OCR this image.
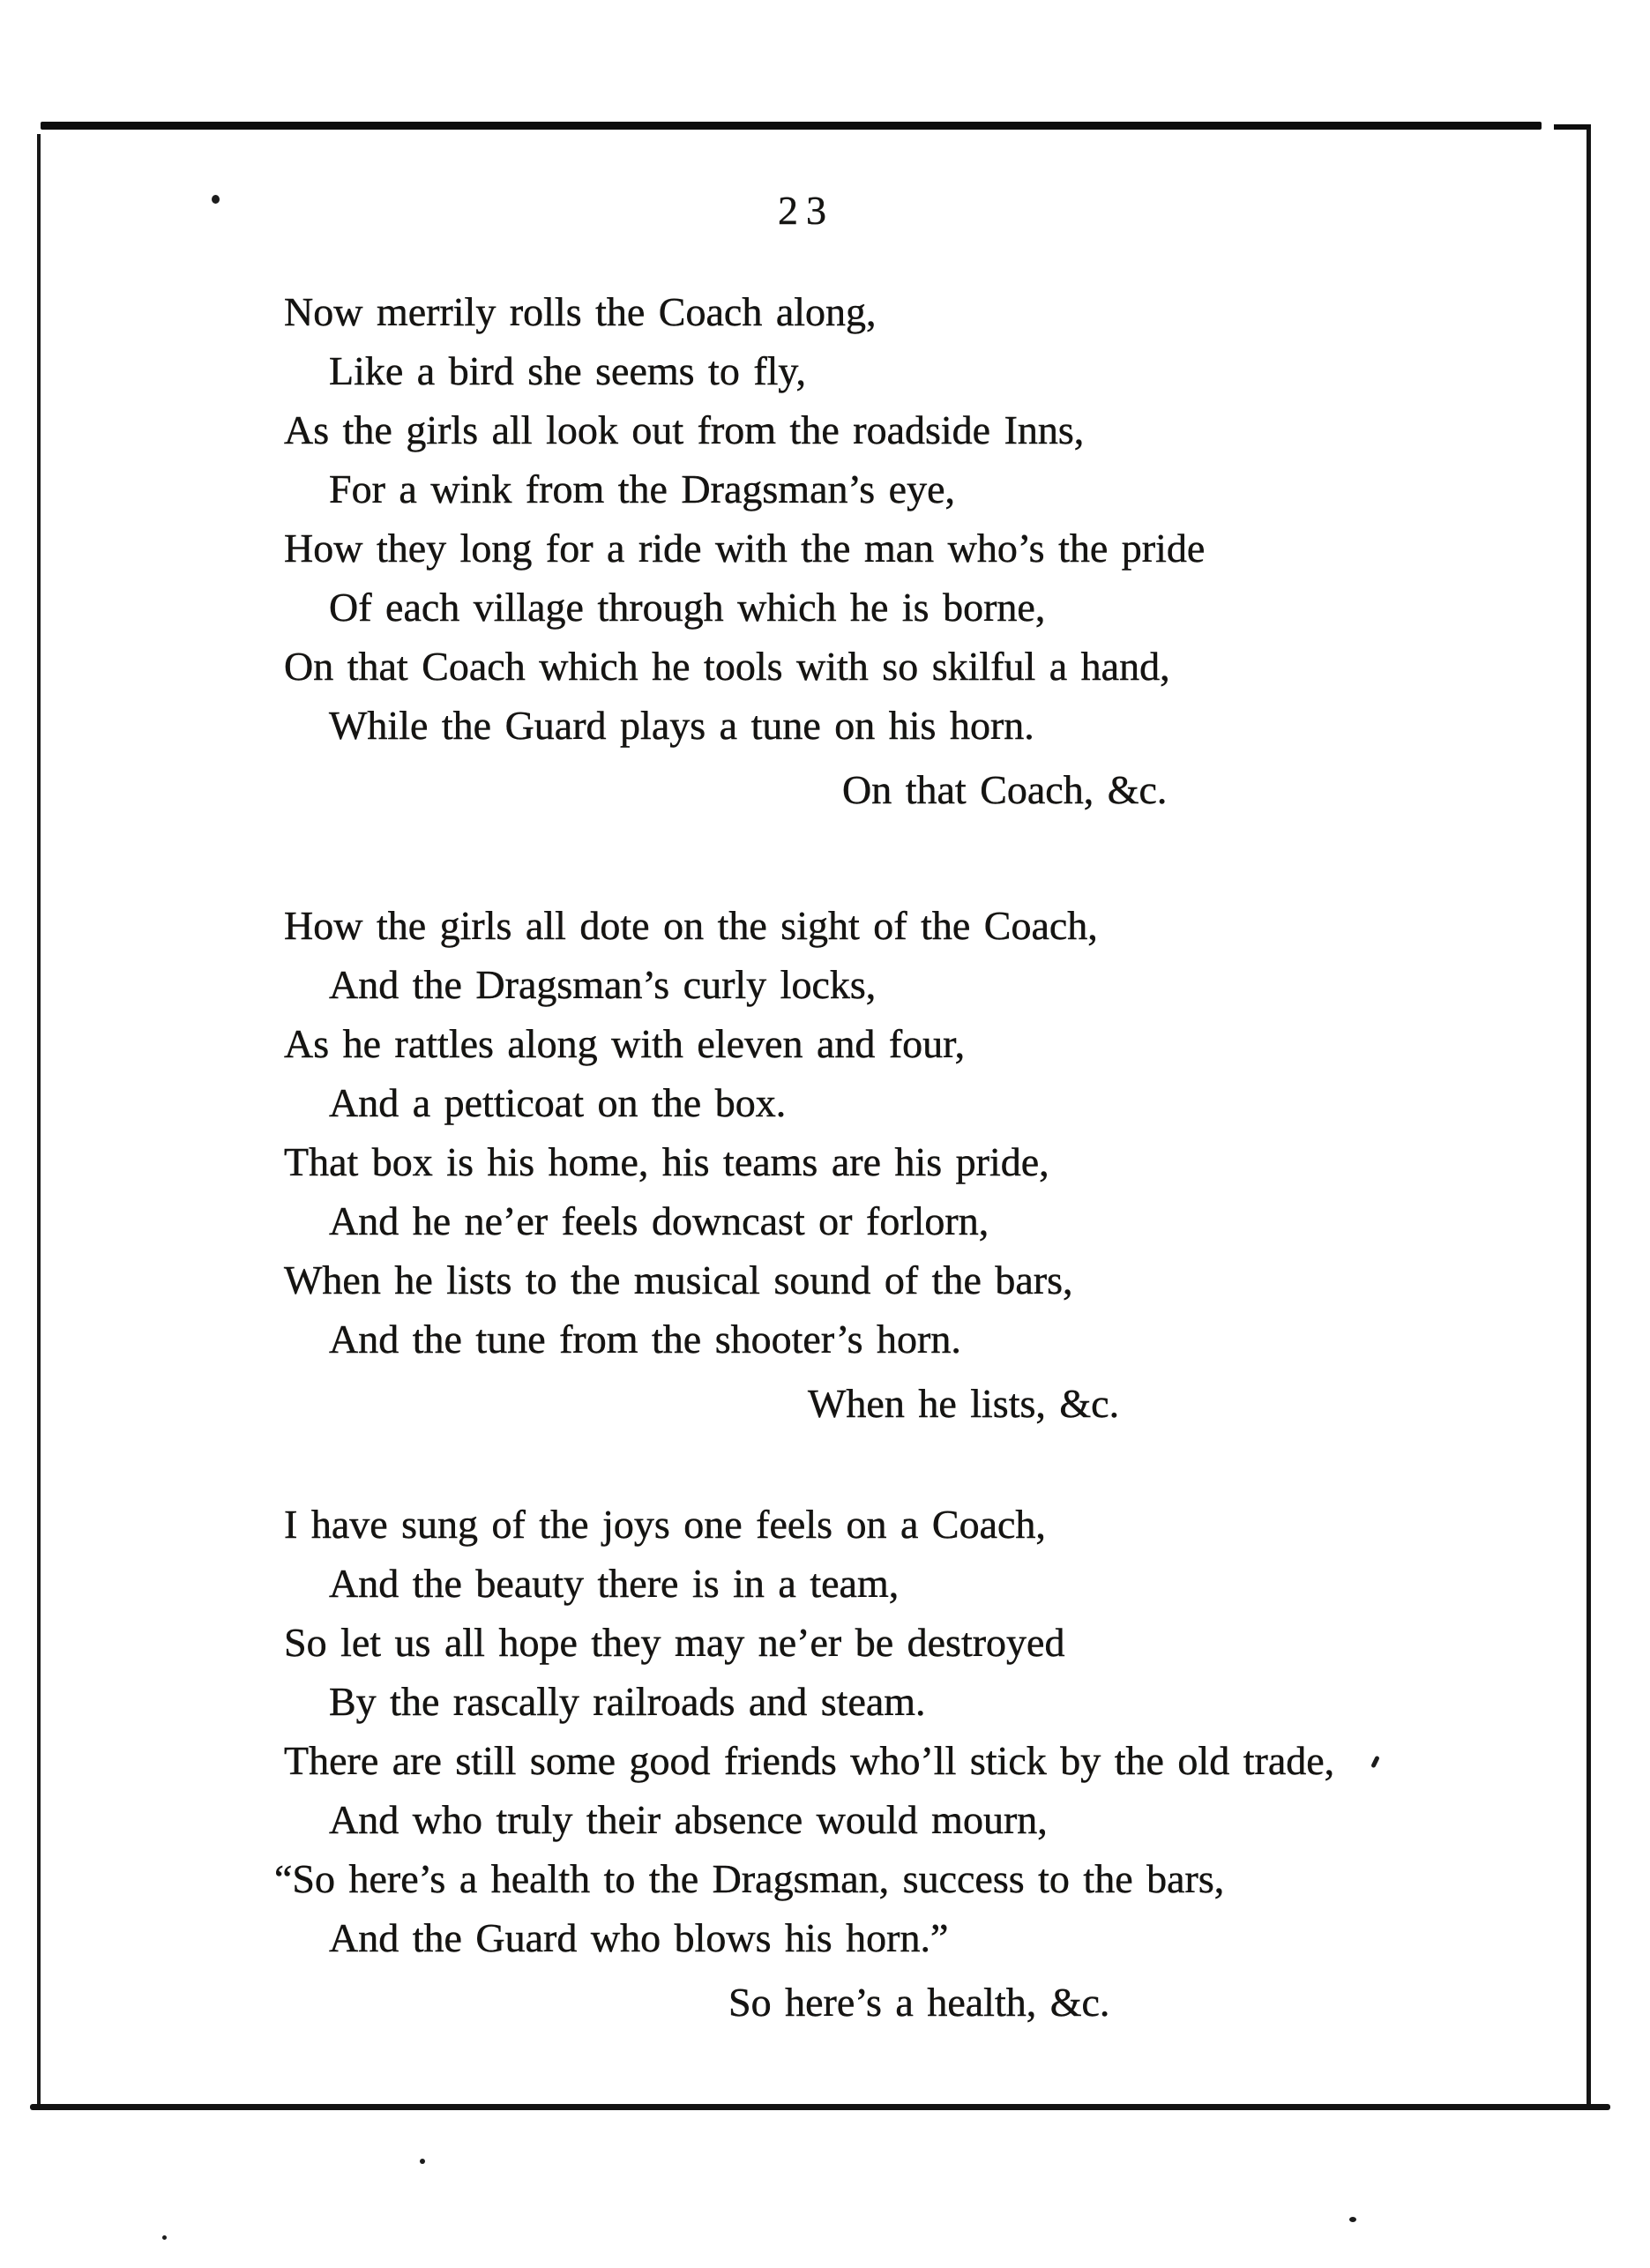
23
Now merrily rolls the Coach along,
Like a bird she seems to fly,
As the girls all look out from the roadside Inns,
For a wink from the Dragsman’s eye,
How they long for a ride with the man who’s the pride
Of each village through which he is borne,
On that Coach which he tools with so skilful a hand,
While the Guard plays a tune on his horn.
On that Coach, &c.
How the girls all dote on the sight of the Coach,
And the Dragsman’s curly locks,
As he rattles along with eleven and four,
And a petticoat on the box.
That box is his home, his teams are his pride,
And he ne’er feels downcast or forlorn,
When he lists to the musical sound of the bars,
And the tune from the shooter’s horn.
When he lists, &c.
I have sung of the joys one feels on a Coach,
And the beauty there is in a team,
So let us all hope they may ne’er be destroyed
By the rascally railroads and steam.
There are still some good friends who’ll stick by the old trade,
And who truly their absence would mourn,
“So here’s a health to the Dragsman, success to the bars,
And the Guard who blows his horn.”
So here’s a health, &c.
